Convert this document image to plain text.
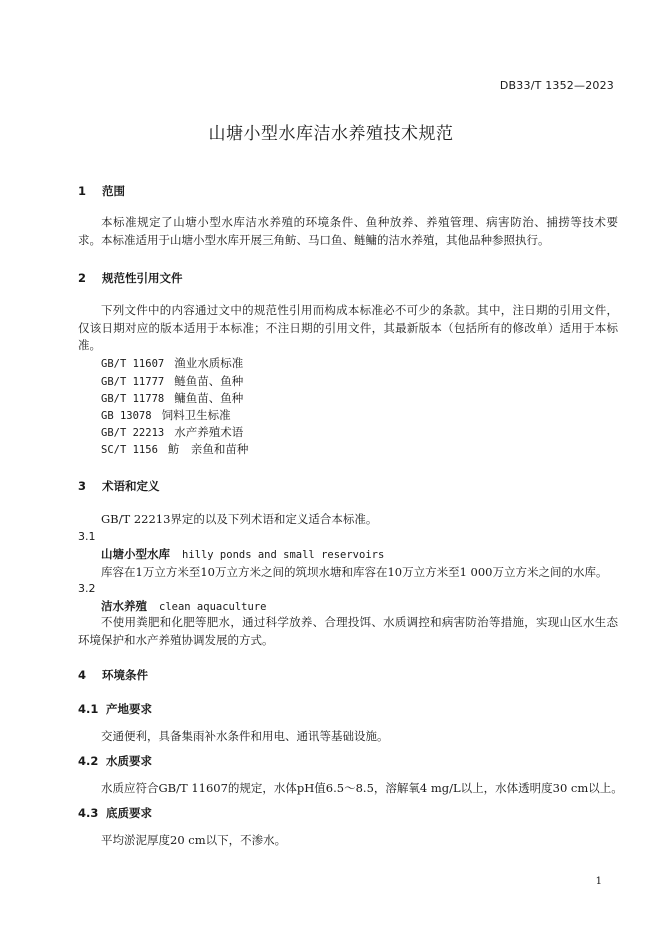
DB33/T 1352—2023
山塘小型水库洁水养殖技术规范
1 范围
本标准规定了山塘小型水库洁水养殖的环境条件、鱼种放养、养殖管理、病害防治、捕捞等技术要求。 本标准适用于山塘小型水库开展三角鲂、马口鱼、鲢鳙的洁水养殖，其他品种参照执行。
2 规范性引用文件
下列文件中的内容通过文中的规范性引用而构成本标准必不可少的条款。其中，注日期的引用文件，仅该日期对应的版本适用于本标准；不注日期的引用文件，其最新版本（包括所有的修改单）适用于本标准。
GB/T 11607 渔业水质标准
GB/T 11777 鲢鱼苗、鱼种
GB/T 11778 鳙鱼苗、鱼种
GB 13078 饲料卫生标准
GB/T 22213 水产养殖术语
SC/T 1156 鲂　亲鱼和苗种
3 术语和定义
GB/T 22213界定的以及下列术语和定义适合本标准。
3.1
山塘小型水库 hilly ponds and small reservoirs
库容在1万立方米至10万立方米之间的筑坝水塘和库容在10万立方米至1 000万立方米之间的水库。
3.2
洁水养殖 clean aquaculture
不使用粪肥和化肥等肥水，通过科学放养、合理投饵、水质调控和病害防治等措施，实现山区水生态环境保护和水产养殖协调发展的方式。
4 环境条件
4.1 产地要求
交通便利，具备集雨补水条件和用电、通讯等基础设施。
4.2 水质要求
水质应符合GB/T 11607的规定，水体pH值6.5～8.5，溶解氧4 mg/L以上，水体透明度30 cm以上。
4.3 底质要求
平均淤泥厚度20 cm以下，不渗水。
1
